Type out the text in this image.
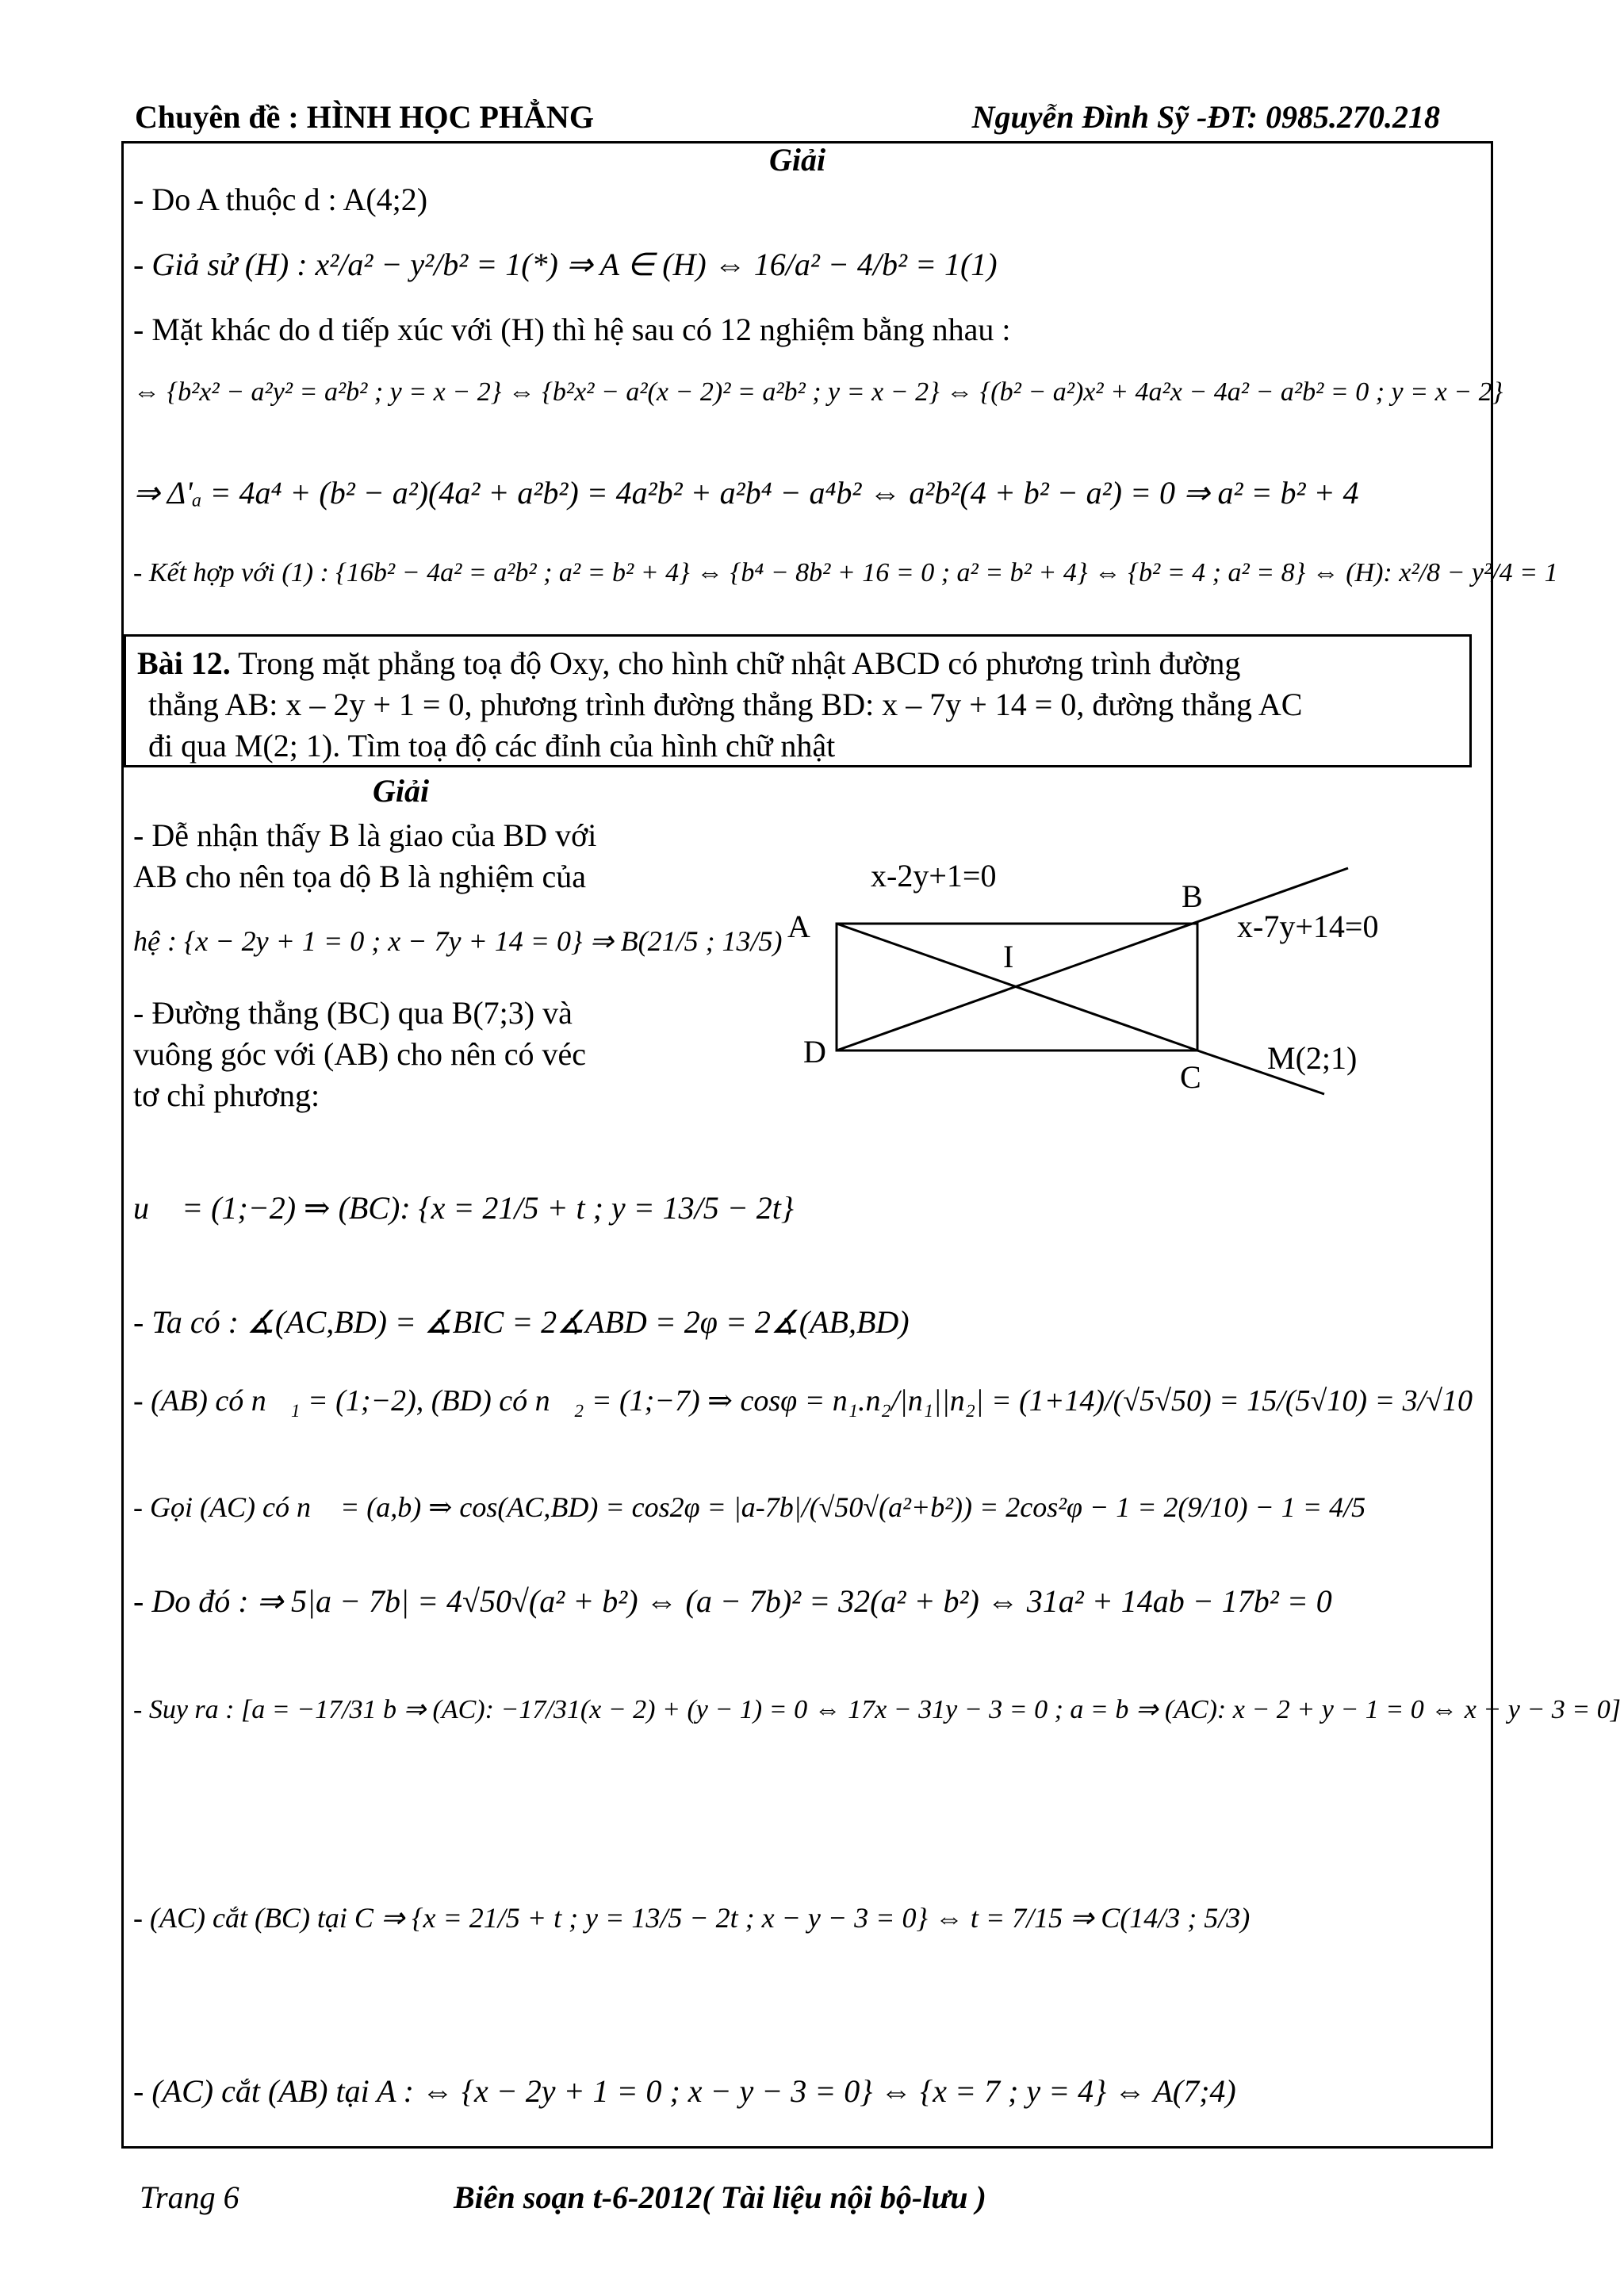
Chuyên đề : HÌNH HỌC PHẲNG	Nguyễn Đình Sỹ -ĐT: 0985.270.218
Giải
- Do A thuộc d : A(4;2)
- Giả sử (H) : x²/a² − y²/b² = 1(*) ⇒ A ∈ (H) ⇔ 16/a² − 4/b² = 1(1)
- Mặt khác do d tiếp xúc với (H) thì hệ sau có 12 nghiệm bằng nhau :
⇔ {b²x² − a²y² = a²b² ; y = x − 2} ⇔ {b²x² − a²(x − 2)² = a²b² ; y = x − 2} ⇔ {(b² − a²)x² + 4a²x − 4a² − a²b² = 0 ; y = x − 2}
⇒ Δ'ₐ = 4a⁴ + (b² − a²)(4a² + a²b²) = 4a²b² + a²b⁴ − a⁴b² ⇔ a²b²(4 + b² − a²) = 0 ⇒ a² = b² + 4
- Kết hợp với (1) : {16b² − 4a² = a²b² ; a² = b² + 4} ⇔ {b⁴ − 8b² + 16 = 0 ; a² = b² + 4} ⇔ {b² = 4 ; a² = 8} ⇔ (H): x²/8 − y²/4 = 1
Bài 12. Trong mặt phẳng toạ độ Oxy, cho hình chữ nhật ABCD có phương trình đường
thẳng AB: x – 2y + 1 = 0, phương trình đường thẳng BD: x – 7y + 14 = 0, đường thẳng AC
đi qua M(2; 1). Tìm toạ độ các đỉnh của hình chữ nhật
Giải
- Dễ nhận thấy B là giao của BD với
AB cho nên tọa dộ B là nghiệm của
hệ : {x − 2y + 1 = 0 ; x − 7y + 14 = 0} ⇒ B(21/5 ; 13/5)
- Đường thẳng (BC) qua B(7;3) và
vuông góc với (AB) cho nên có véc
tơ chỉ phương:
u⃗ = (1;−2) ⇒ (BC): {x = 21/5 + t ; y = 13/5 − 2t}
- Ta có : ∡(AC,BD) = ∡BIC = 2∡ABD = 2φ = 2∡(AB,BD)
- (AB) có n⃗₁ = (1;−2), (BD) có n⃗₂ = (1;−7) ⇒ cosφ = n₁.n₂/|n₁||n₂| = (1+14)/(√5√50) = 15/(5√10) = 3/√10
- Gọi (AC) có n⃗ = (a,b) ⇒ cos(AC,BD) = cos2φ = |a-7b|/(√50√(a²+b²)) = 2cos²φ − 1 = 2(9/10) − 1 = 4/5
- Do đó : ⇒ 5|a − 7b| = 4√50√(a² + b²) ⇔ (a − 7b)² = 32(a² + b²) ⇔ 31a² + 14ab − 17b² = 0
- Suy ra : [a = −17/31 b ⇒ (AC): −17/31(x − 2) + (y − 1) = 0 ⇔ 17x − 31y − 3 = 0 ; a = b ⇒ (AC): x − 2 + y − 1 = 0 ⇔ x + y − 3 = 0]
- (AC) cắt (BC) tại C ⇒ {x = 21/5 + t ; y = 13/5 − 2t ; x − y − 3 = 0} ⇔ t = 7/15 ⇒ C(14/3 ; 5/3)
- (AC) cắt (AB) tại A : ⇔ {x − 2y + 1 = 0 ; x − y − 3 = 0} ⇔ {x = 7 ; y = 4} ⇔ A(7;4)
x-2y+1=0
A
B
x-7y+14=0
I
D
C
M(2;1)
Trang 6	Biên soạn t-6-2012( Tài liệu nội bộ-lưu )
